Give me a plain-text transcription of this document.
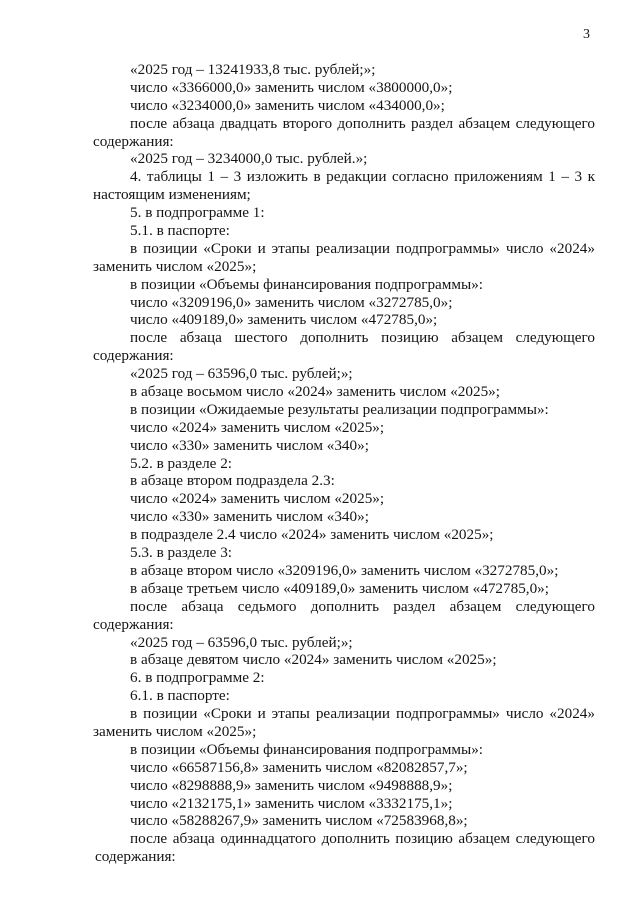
3
«2025 год – 13241933,8 тыс. рублей;»;
число «3366000,0» заменить числом «3800000,0»;
число «3234000,0» заменить числом «434000,0»;
после абзаца двадцать второго дополнить раздел абзацем следующего
содержания:
«2025 год – 3234000,0 тыс. рублей.»;
4. таблицы 1 – 3 изложить в редакции согласно приложениям 1 – 3 к
настоящим изменениям;
5. в подпрограмме 1:
5.1. в паспорте:
в позиции «Сроки и этапы реализации подпрограммы» число «2024»
заменить числом «2025»;
в позиции «Объемы финансирования подпрограммы»:
число «3209196,0» заменить числом «3272785,0»;
число «409189,0» заменить числом «472785,0»;
после абзаца шестого дополнить позицию абзацем следующего
содержания:
«2025 год – 63596,0 тыс. рублей;»;
в абзаце восьмом число «2024» заменить числом «2025»;
в позиции «Ожидаемые результаты реализации подпрограммы»:
число «2024» заменить числом «2025»;
число «330» заменить числом «340»;
5.2. в разделе 2:
в абзаце втором подраздела 2.3:
число «2024» заменить числом «2025»;
число «330» заменить числом «340»;
в подразделе 2.4 число «2024» заменить числом «2025»;
5.3. в разделе 3:
в абзаце втором число «3209196,0» заменить числом «3272785,0»;
в абзаце третьем число «409189,0» заменить числом «472785,0»;
после абзаца седьмого дополнить раздел абзацем следующего
содержания:
«2025 год – 63596,0 тыс. рублей;»;
в абзаце девятом число «2024» заменить числом «2025»;
6. в подпрограмме 2:
6.1. в паспорте:
в позиции «Сроки и этапы реализации подпрограммы» число «2024»
заменить числом «2025»;
в позиции «Объемы финансирования подпрограммы»:
число «66587156,8» заменить числом «82082857,7»;
число «8298888,9» заменить числом «9498888,9»;
число «2132175,1» заменить числом «3332175,1»;
число «58288267,9» заменить числом «72583968,8»;
после абзаца одиннадцатого дополнить позицию абзацем следующего
содержания:
